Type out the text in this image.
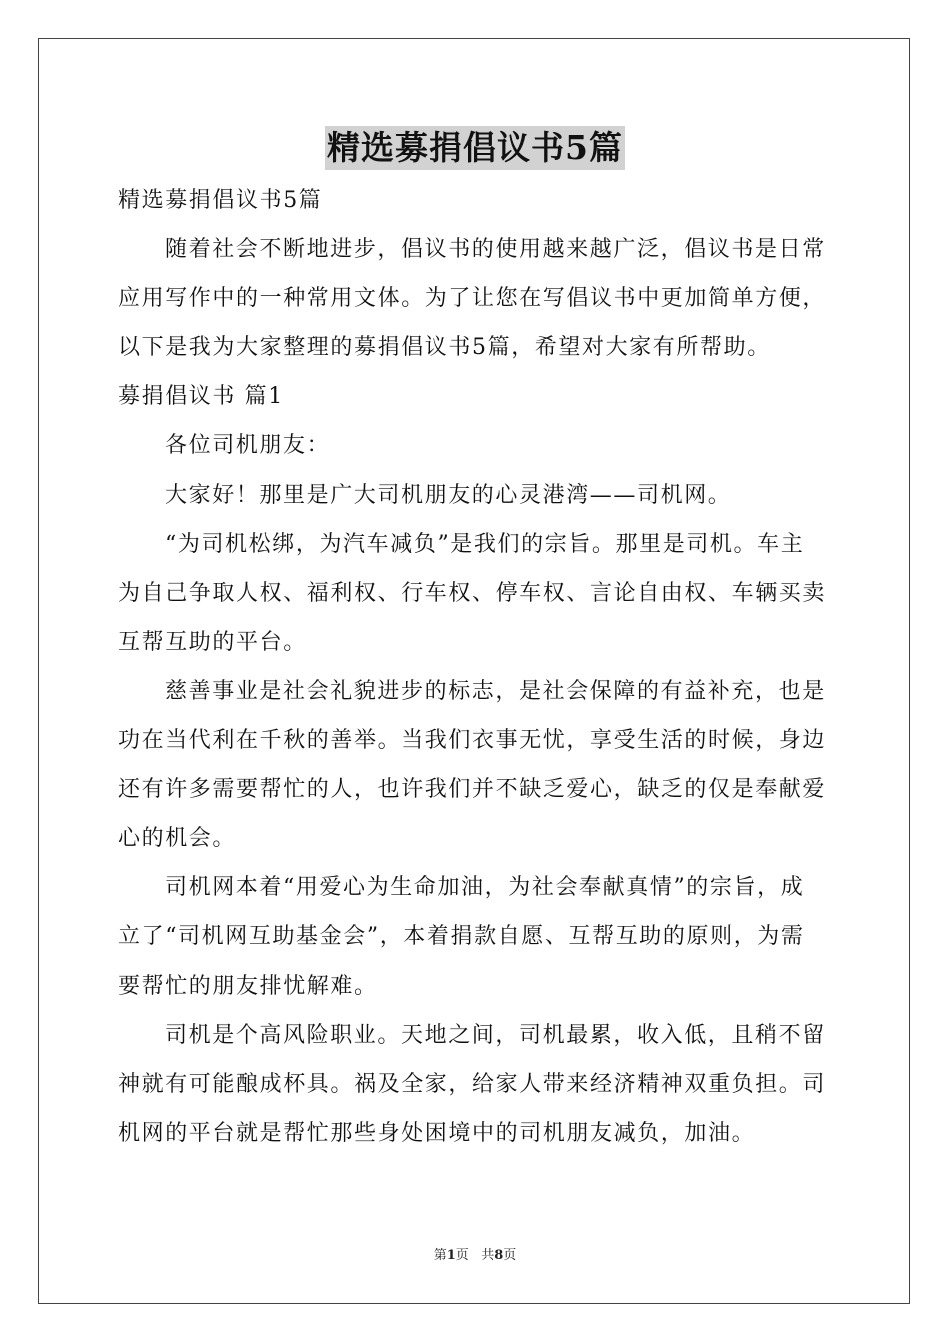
精选募捐倡议书5篇
精选募捐倡议书5篇
随着社会不断地进步，倡议书的使用越来越广泛，倡议书是日常
应用写作中的一种常用文体。为了让您在写倡议书中更加简单方便，
以下是我为大家整理的募捐倡议书5篇，希望对大家有所帮助。
募捐倡议书 篇1
各位司机朋友：
大家好！那里是广大司机朋友的心灵港湾——司机网。
“为司机松绑，为汽车减负”是我们的宗旨。那里是司机。车主
为自己争取人权、福利权、行车权、停车权、言论自由权、车辆买卖
互帮互助的平台。
慈善事业是社会礼貌进步的标志，是社会保障的有益补充，也是
功在当代利在千秋的善举。当我们衣事无忧，享受生活的时候，身边
还有许多需要帮忙的人，也许我们并不缺乏爱心，缺乏的仅是奉献爱
心的机会。
司机网本着“用爱心为生命加油，为社会奉献真情”的宗旨，成
立了“司机网互助基金会”，本着捐款自愿、互帮互助的原则，为需
要帮忙的朋友排忧解难。
司机是个高风险职业。天地之间，司机最累，收入低，且稍不留
神就有可能酿成杯具。祸及全家，给家人带来经济精神双重负担。司
机网的平台就是帮忙那些身处困境中的司机朋友减负，加油。
第1页 共8页
